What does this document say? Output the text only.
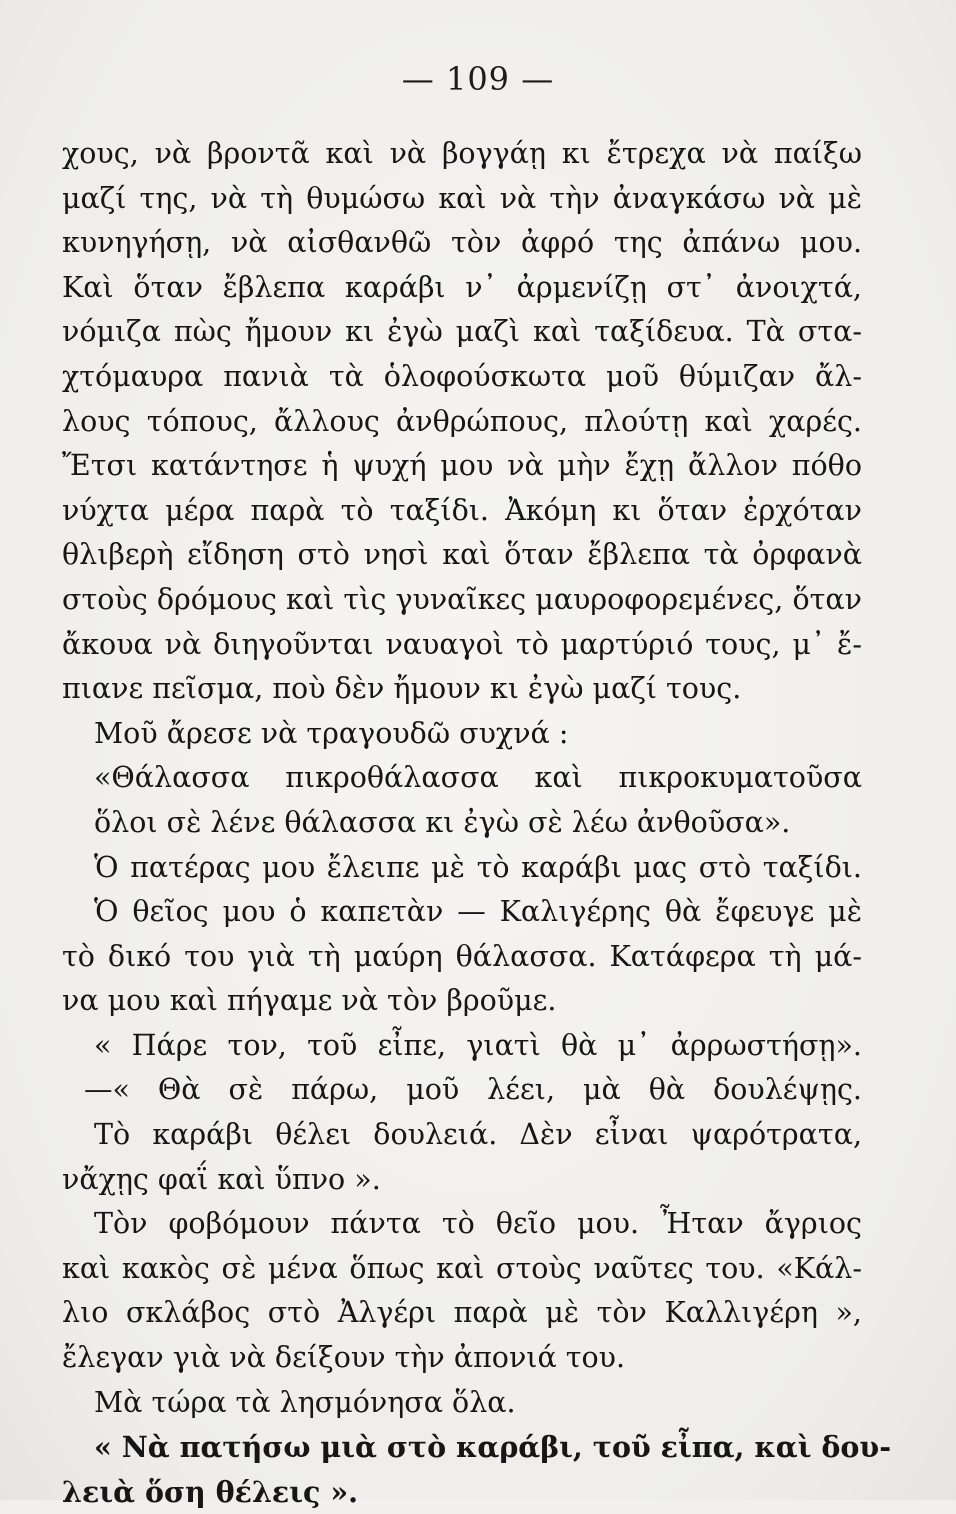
— 109 —
χους, νὰ βροντᾶ καὶ νὰ βογγάῃ κι ἔτρεχα νὰ παίξω
μαζί της, νὰ τὴ θυμώσω καὶ νὰ τὴν ἀναγκάσω νὰ μὲ
κυνηγήσῃ, νὰ αἰσθανθῶ τὸν ἀφρό της ἀπάνω μου.
Καὶ ὅταν ἔβλεπα καράβι ν᾽ ἀρμενίζῃ στ᾽ ἀνοιχτά,
νόμιζα πὼς ἤμουν κι ἐγὼ μαζὶ καὶ ταξίδευα. Τὰ στα-
χτόμαυρα πανιὰ τὰ ὁλοφούσκωτα μοῦ θύμιζαν ἄλ-
λους τόπους, ἄλλους ἀνθρώπους, πλούτῃ καὶ χαρές.
Ἔτσι κατάντησε ἡ ψυχή μου νὰ μὴν ἔχῃ ἄλλον πόθο
νύχτα μέρα παρὰ τὸ ταξίδι. Ἀκόμη κι ὅταν ἐρχόταν
θλιβερὴ εἴδηση στὸ νησὶ καὶ ὅταν ἔβλεπα τὰ ὀρφανὰ
στοὺς δρόμους καὶ τὶς γυναῖκες μαυροφορεμένες, ὅταν
ἄκουα νὰ διηγοῦνται ναυαγοὶ τὸ μαρτύριό τους, μ᾽ ἔ-
πιανε πεῖσμα, ποὺ δὲν ἤμουν κι ἐγὼ μαζί τους.
Μοῦ ἄρεσε νὰ τραγουδῶ συχνά :
«Θάλασσα πικροθάλασσα καὶ πικροκυματοῦσα
ὅλοι σὲ λένε θάλασσα κι ἐγὼ σὲ λέω ἀνθοῦσα».
Ὁ πατέρας μου ἔλειπε μὲ τὸ καράβι μας στὸ ταξίδι.
Ὁ θεῖος μου ὁ καπετὰν — Καλιγέρης θὰ ἔφευγε μὲ
τὸ δικό του γιὰ τὴ μαύρη θάλασσα. Κατάφερα τὴ μά-
να μου καὶ πήγαμε νὰ τὸν βροῦμε.
« Πάρε τον, τοῦ εἶπε, γιατὶ θὰ μ᾽ ἀρρωστήσῃ».
—« Θὰ σὲ πάρω, μοῦ λέει, μὰ θὰ δουλέψῃς.
Τὸ καράβι θέλει δουλειά. Δὲν εἶναι ψαρότρατα,
νἄχῃς φαΐ καὶ ὕπνο ».
Τὸν φοβόμουν πάντα τὸ θεῖο μου. Ἦταν ἄγριος
καὶ κακὸς σὲ μένα ὅπως καὶ στοὺς ναῦτες του. «Κάλ-
λιο σκλάβος στὸ Ἀλγέρι παρὰ μὲ τὸν Καλλιγέρη »,
ἔλεγαν γιὰ νὰ δείξουν τὴν ἀπονιά του.
Μὰ τώρα τὰ λησμόνησα ὅλα.
« Νὰ πατήσω μιὰ στὸ καράβι, τοῦ εἶπα, καὶ δου-
λειὰ ὅση θέλεις ».
